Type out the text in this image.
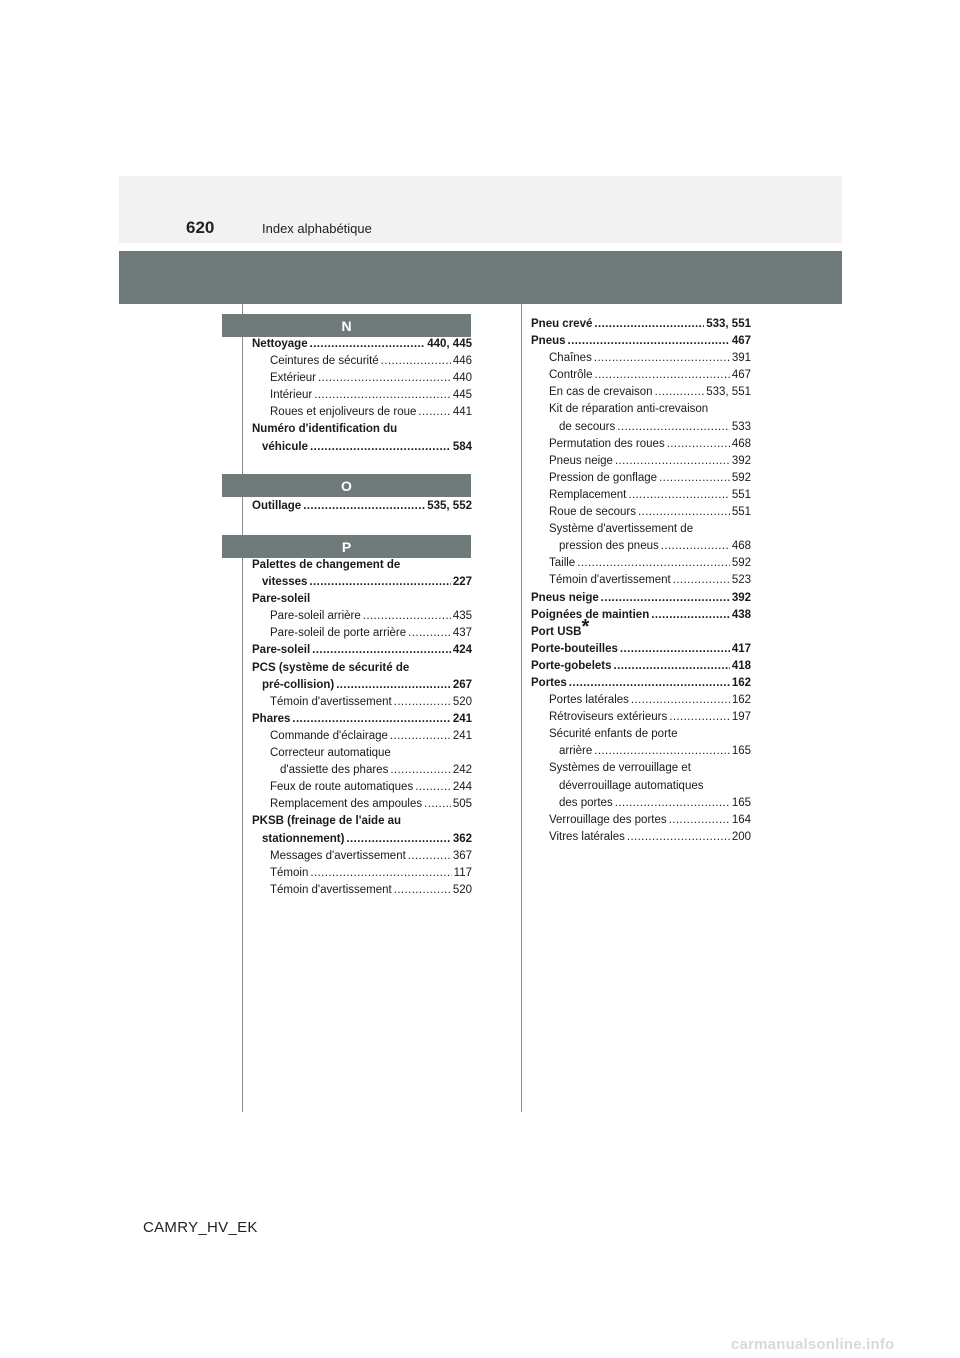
620	Index alphabétique
N
Nettoyage .....	440, 445
Ceintures de sécurité .....	446
Extérieur .....	440
Intérieur .....	445
Roues et enjoliveurs de roue .....	441
Numéro d'identification du
véhicule .....	584
O
Outillage .....	535, 552
P
Palettes de changement de
vitesses .....	227
Pare-soleil
Pare-soleil arrière .....	435
Pare-soleil de porte arrière .....	437
Pare-soleil .....	424
PCS (système de sécurité de
pré-collision) .....	267
Témoin d'avertissement .....	520
Phares .....	241
Commande d'éclairage .....	241
Correcteur automatique
d'assiette des phares .....	242
Feux de route automatiques .....	244
Remplacement des ampoules .....	505
PKSB (freinage de l'aide au
stationnement) .....	362
Messages d'avertissement .....	367
Témoin .....	117
Témoin d'avertissement .....	520
Pneu crevé .....	533, 551
Pneus .....	467
Chaînes .....	391
Contrôle .....	467
En cas de crevaison .....	533, 551
Kit de réparation anti-crevaison
de secours .....	533
Permutation des roues .....	468
Pneus neige .....	392
Pression de gonflage .....	592
Remplacement .....	551
Roue de secours .....	551
Système d'avertissement de
pression des pneus .....	468
Taille .....	592
Témoin d'avertissement .....	523
Pneus neige .....	392
Poignées de maintien .....	438
Port USB *
Porte-bouteilles .....	417
Porte-gobelets .....	418
Portes .....	162
Portes latérales .....	162
Rétroviseurs extérieurs .....	197
Sécurité enfants de porte
arrière .....	165
Systèmes de verrouillage et
déverrouillage automatiques
des portes .....	165
Verrouillage des portes .....	164
Vitres latérales .....	200
CAMRY_HV_EK
carmanualsonline.info
